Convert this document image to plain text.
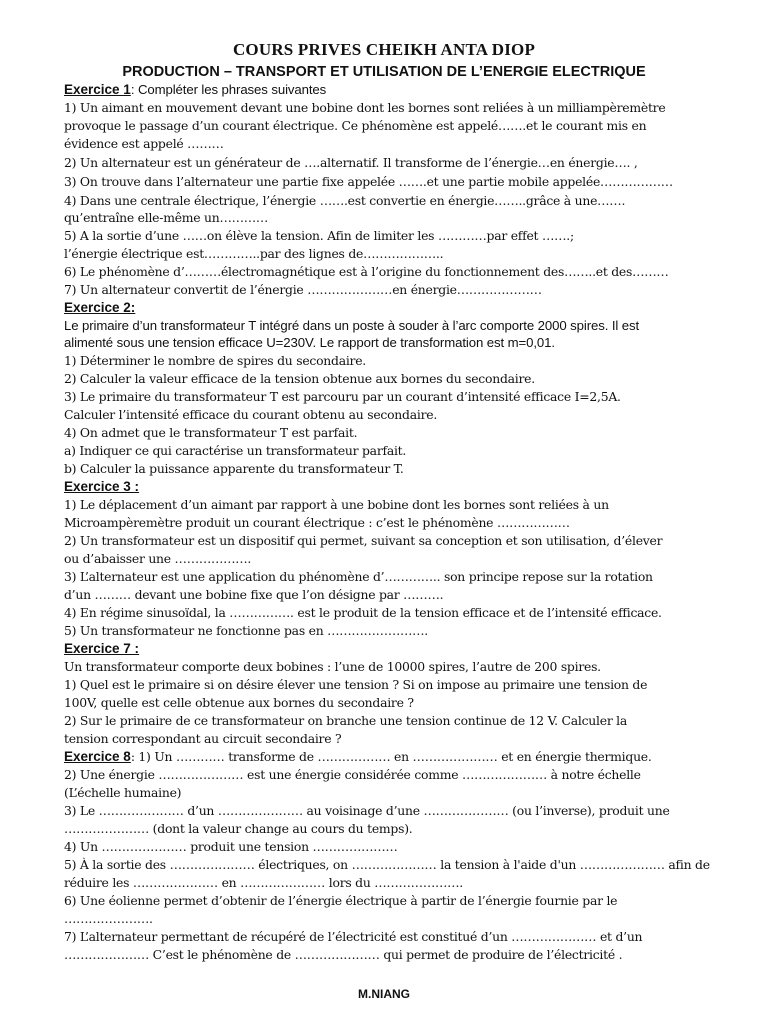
COURS PRIVES CHEIKH ANTA DIOP
PRODUCTION – TRANSPORT ET UTILISATION DE L’ENERGIE ELECTRIQUE
Exercice 1: Compléter les phrases suivantes
1) Un aimant en mouvement devant une bobine dont les bornes sont reliées à un milliampèremètre
provoque le passage d’un courant électrique. Ce phénomène est appelé…….et le courant mis en
évidence est appelé ………
2) Un alternateur est un générateur de ….alternatif. Il transforme de l’énergie…en énergie…. ,
3) On trouve dans l’alternateur une partie fixe appelée …….et une partie mobile appelée………………
4) Dans une centrale électrique, l’énergie …….est convertie en énergie……..grâce à une…….
qu’entraîne elle-même un…………
5) A la sortie d’une ……on élève la tension. Afin de limiter les …………par effet …….;
l’énergie électrique est…………..par des lignes de………………..
6) Le phénomène d’………électromagnétique est à l’origine du fonctionnement des……..et des………
7) Un alternateur convertit de l’énergie …………………en énergie…………………
Exercice 2:
Le primaire d’un transformateur T intégré dans un poste à souder à l’arc comporte 2000 spires. Il est
alimenté sous une tension efficace U=230V. Le rapport de transformation est m=0,01.
1) Déterminer le nombre de spires du secondaire.
2) Calculer la valeur efficace de la tension obtenue aux bornes du secondaire.
3) Le primaire du transformateur T est parcouru par un courant d’intensité efficace I=2,5A.
Calculer l’intensité efficace du courant obtenu au secondaire.
4) On admet que le transformateur T est parfait.
a) Indiquer ce qui caractérise un transformateur parfait.
b) Calculer la puissance apparente du transformateur T.
Exercice 3 :
1) Le déplacement d’un aimant par rapport à une bobine dont les bornes sont reliées à un
Microampèremètre produit un courant électrique : c’est le phénomène ………………
2) Un transformateur est un dispositif qui permet, suivant sa conception et son utilisation, d’élever
ou d’abaisser une ……………….
3) L’alternateur est une application du phénomène d’………….. son principe repose sur la rotation
d’un ……… devant une bobine fixe que l’on désigne par ……….
4) En régime sinusoïdal, la ……………. est le produit de la tension efficace et de l’intensité efficace.
5) Un transformateur ne fonctionne pas en …………………….
Exercice 7 :
Un transformateur comporte deux bobines : l’une de 10000 spires, l’autre de 200 spires.
1) Quel est le primaire si on désire élever une tension ? Si on impose au primaire une tension de
100V, quelle est celle obtenue aux bornes du secondaire ?
2) Sur le primaire de ce transformateur on branche une tension continue de 12 V. Calculer la
tension correspondant au circuit secondaire ?
Exercice 8: 1) Un ………… transforme de ……………… en ………………… et en énergie thermique.
2) Une énergie ………………… est une énergie considérée comme ………………… à notre échelle
(L’échelle humaine)
3) Le ………………… d’un ………………… au voisinage d’une ………………… (ou l’inverse), produit une
………………… (dont la valeur change au cours du temps).
4) Un ………………… produit une tension …………………
5) À la sortie des ………………… électriques, on ………………… la tension à l'aide d'un ………………… afin de
réduire les ………………… en ………………… lors du ………………….
6) Une éolienne permet d’obtenir de l’énergie électrique à partir de l’énergie fournie par le
………………….
7) L’alternateur permettant de récupéré de l’électricité est constitué d’un ………………… et d’un
………………… C’est le phénomène de ………………… qui permet de produire de l’électricité .
M.NIANG
